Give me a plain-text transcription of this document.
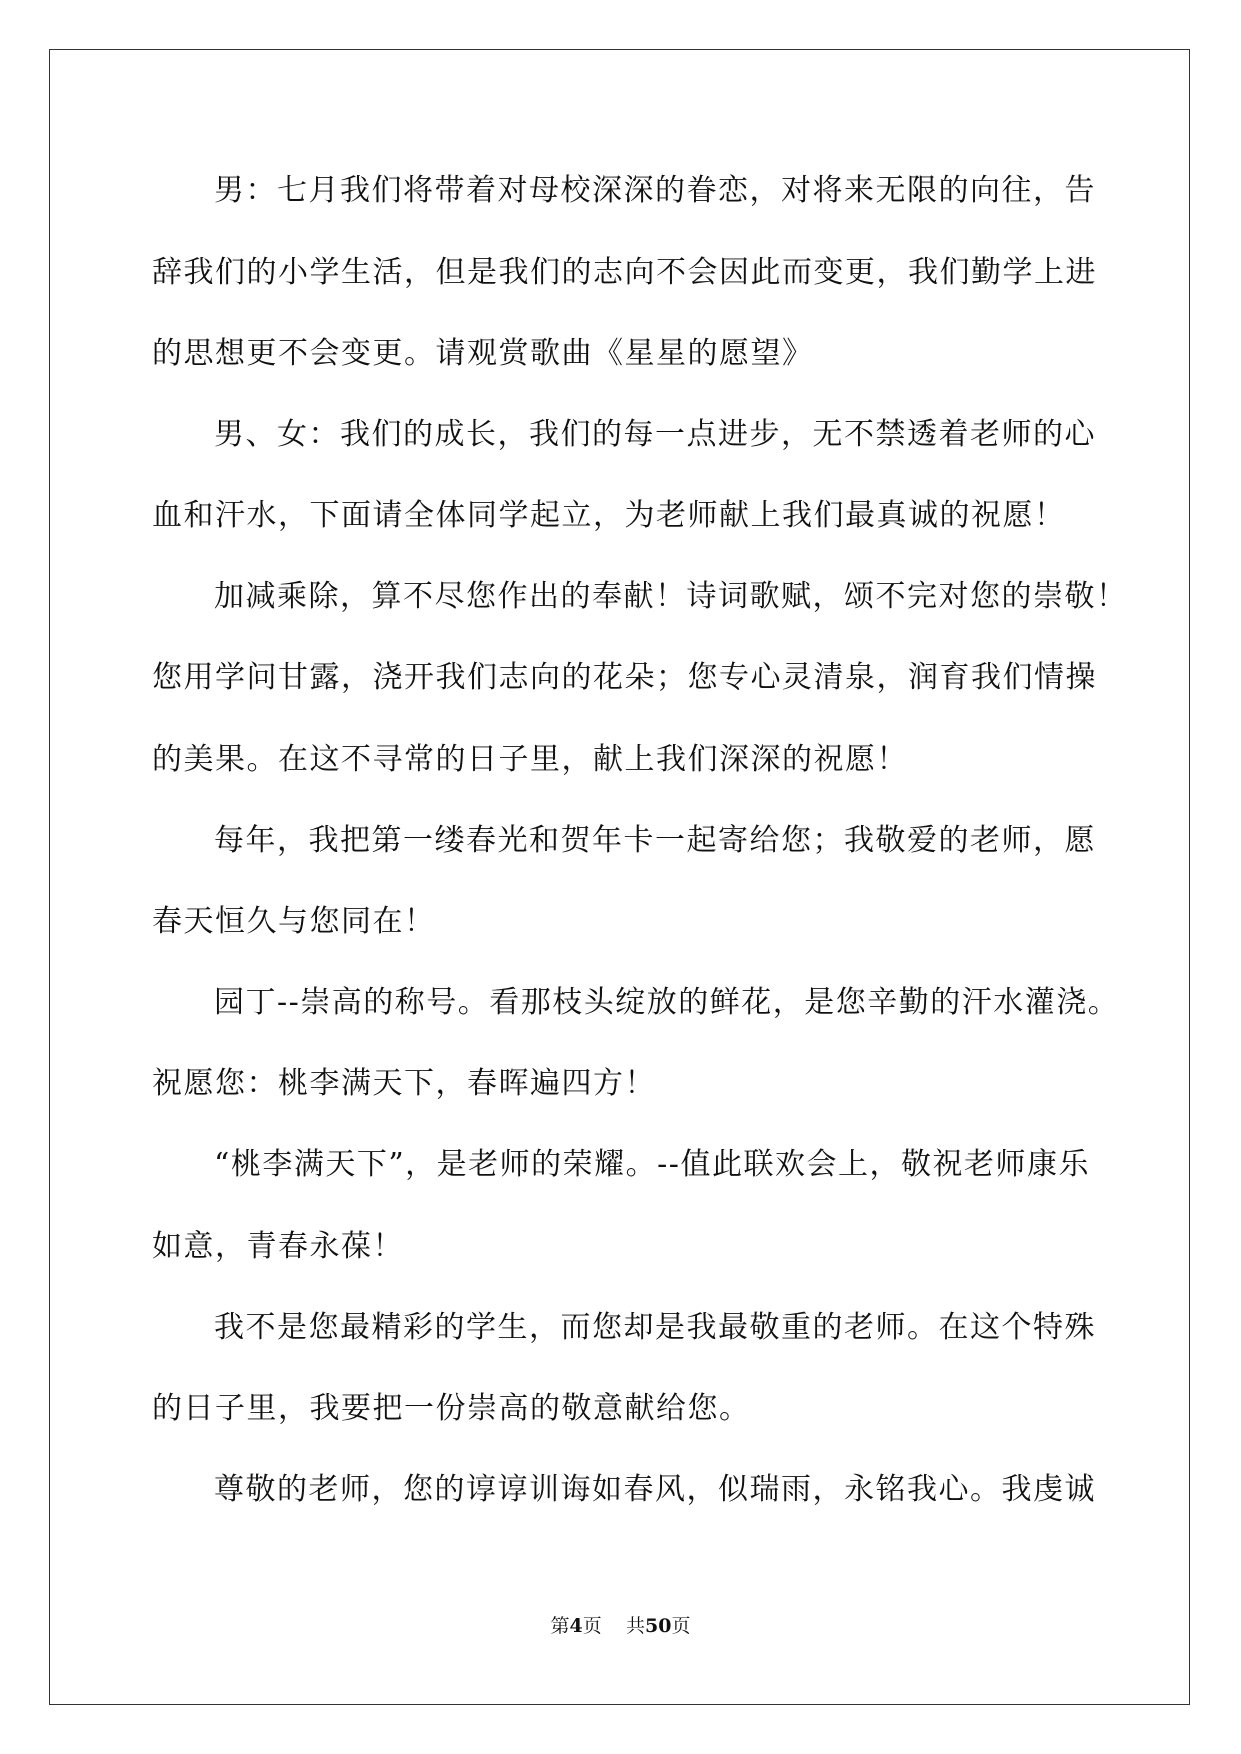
男：七月我们将带着对母校深深的眷恋，对将来无限的向往，告
辞我们的小学生活，但是我们的志向不会因此而变更，我们勤学上进
的思想更不会变更。请观赏歌曲《星星的愿望》
男、女：我们的成长，我们的每一点进步，无不禁透着老师的心
血和汗水，下面请全体同学起立，为老师献上我们最真诚的祝愿！
加减乘除，算不尽您作出的奉献！诗词歌赋，颂不完对您的崇敬！
您用学问甘露，浇开我们志向的花朵；您专心灵清泉，润育我们情操
的美果。在这不寻常的日子里，献上我们深深的祝愿！
每年，我把第一缕春光和贺年卡一起寄给您；我敬爱的老师，愿
春天恒久与您同在！
园丁--崇高的称号。看那枝头绽放的鲜花，是您辛勤的汗水灌浇。
祝愿您：桃李满天下，春晖遍四方！
“桃李满天下”，是老师的荣耀。--值此联欢会上，敬祝老师康乐
如意，青春永葆！
我不是您最精彩的学生，而您却是我最敬重的老师。在这个特殊
的日子里，我要把一份崇高的敬意献给您。
尊敬的老师，您的谆谆训诲如春风，似瑞雨，永铭我心。我虔诚
第4页 共50页
